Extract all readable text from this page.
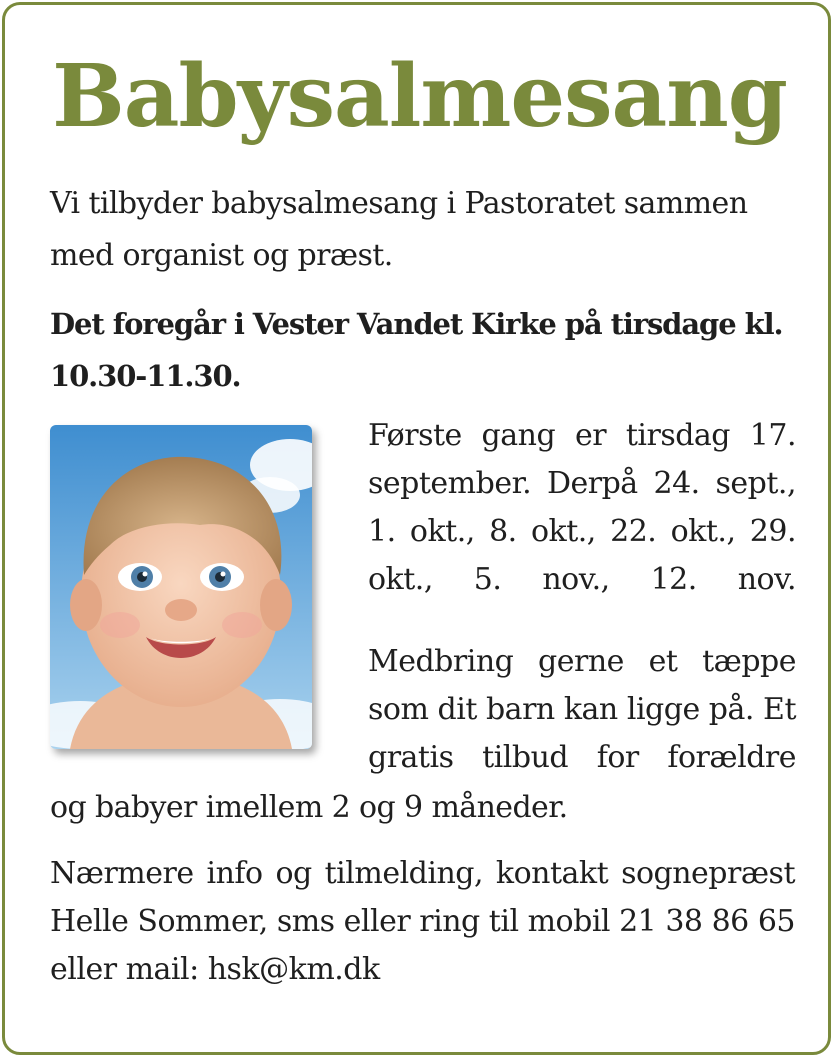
Babysalmesang

Vi tilbyder babysalmesang i Pastoratet sammen med organist og præst.

Det foregår i Vester Vandet Kirke på tirsdage kl. 10.30-11.30.

Første gang er tirsdag 17. september. Derpå 24. sept., 1. okt., 8. okt., 22. okt., 29. okt., 5. nov., 12. nov.

Medbring gerne et tæppe som dit barn kan ligge på. Et gratis tilbud for forældre

og babyer imellem 2 og 9 måneder.

Nærmere info og tilmelding, kontakt sognepræst Helle Sommer, sms eller ring til mobil 21 38 86 65 eller mail: hsk@km.dk
